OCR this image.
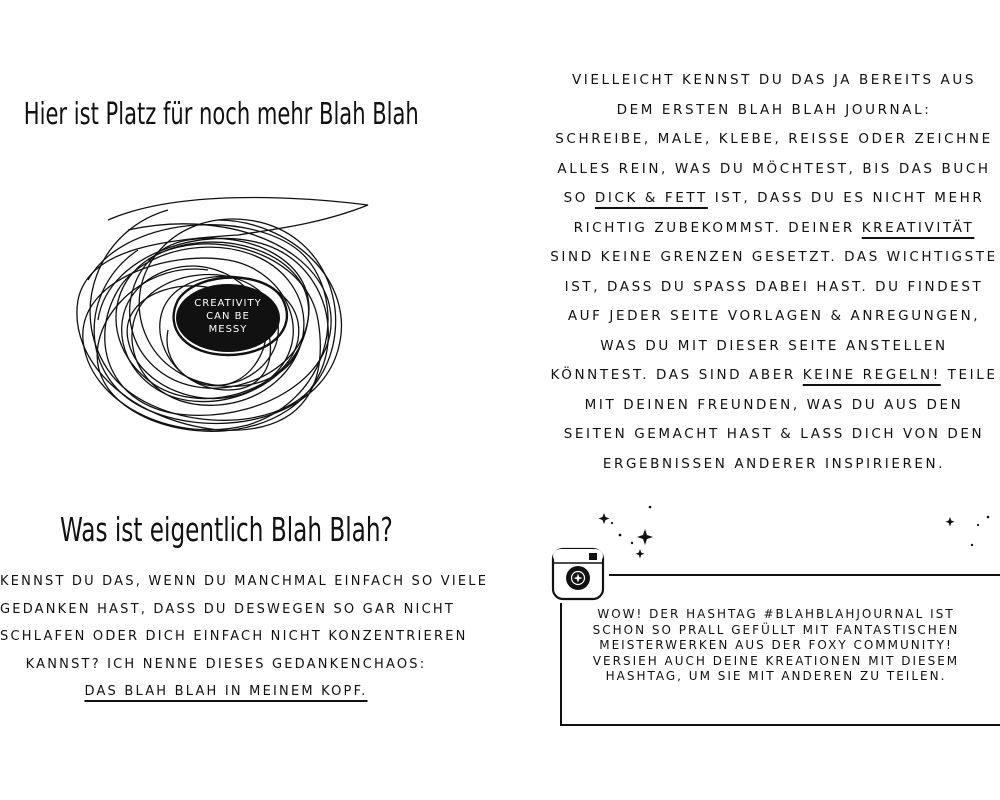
Hier ist Platz für noch mehr Blah Blah
CREATIVITY
CAN BE
MESSY
Was ist eigentlich Blah Blah?
KENNST DU DAS, WENN DU MANCHMAL EINFACH SO VIELE
GEDANKEN HAST, DASS DU DESWEGEN SO GAR NICHT
SCHLAFEN ODER DICH EINFACH NICHT KONZENTRIEREN
KANNST? ICH NENNE DIESES GEDANKENCHAOS:
DAS BLAH BLAH IN MEINEM KOPF.
VIELLEICHT KENNST DU DAS JA BEREITS AUS
DEM ERSTEN BLAH BLAH JOURNAL:
SCHREIBE, MALE, KLEBE, REISSE ODER ZEICHNE
ALLES REIN, WAS DU MÖCHTEST, BIS DAS BUCH
SO DICK & FETT IST, DASS DU ES NICHT MEHR
RICHTIG ZUBEKOMMST. DEINER KREATIVITÄT
SIND KEINE GRENZEN GESETZT. DAS WICHTIGSTE
IST, DASS DU SPASS DABEI HAST. DU FINDEST
AUF JEDER SEITE VORLAGEN & ANREGUNGEN,
WAS DU MIT DIESER SEITE ANSTELLEN
KÖNNTEST. DAS SIND ABER KEINE REGELN! TEILE
MIT DEINEN FREUNDEN, WAS DU AUS DEN
SEITEN GEMACHT HAST & LASS DICH VON DEN
ERGEBNISSEN ANDERER INSPIRIEREN.
WOW! DER HASHTAG #BLAHBLAHJOURNAL IST
SCHON SO PRALL GEFÜLLT MIT FANTASTISCHEN
MEISTERWERKEN AUS DER FOXY COMMUNITY!
VERSIEH AUCH DEINE KREATIONEN MIT DIESEM
HASHTAG, UM SIE MIT ANDEREN ZU TEILEN.
